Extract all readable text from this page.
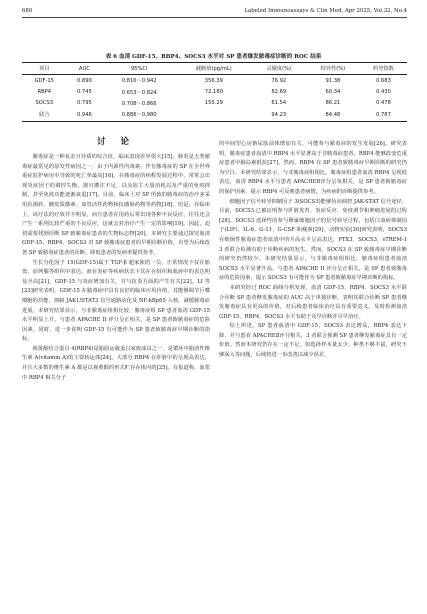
680	Labeled Immunoassays & Clin Med, Apr 2025, Vol.32, No.4
表 6 血清 GDF-15、RBP4、SOCS3 水平对 SP 患者继发脓毒症诊断的 ROC 结果
项目	AUC	95%CI	截断值(pg/mL)	灵敏度(%)	特异性(%)	约登指数
GDF-15	0.890	0.816～0.942	356.39	76.92	91.38	0.683
RBP4	0.745	0.653～0.824	72.180	82.69	60.34	0.430
SOCS3	0.795	0.708～0.866	155.29	61.54	86.21	0.478
联合	0.946	0.886～0.980		94.23	84.48	0.787
讨 论

脓毒症是一种复杂且异质的综合征，临床表现差异很大[15]。肺炎是大类脓毒症最常见的原发性病因之一，由于内源性内毒素，伴有脓毒症的 SP 在全世界重症监护病房中导致的死亡率最高[16]。在脓毒症的病程发展过程中，常常会出现炎症因子的调控失衡，器官灌注不足，以及宿主大量消耗以及严重的免疫抑制，甚至免疫功能逐渐衰退[17]。目前，临床上对 SP 所致的脓毒症的治疗多采用抗菌药、糖皮质激素、血管活性药物和抗感染药物等药物[18]。但是，在临床上，该疗法的疗效并不明显，而且患者在用药后常出现各种不良反应，往往还会产生一系列比较严重的不良反应，这就会对治疗产生一定的影响[19]。因此，迫切需要找到诊断 SP 致脓毒症患者的生物标志物[20]。本研究主要通过探究血清 GDF-15、RBP4、SOCS3 对 SP 致脓毒症患者的早期诊断价值，有望为后续改善 SP 致脓毒症患者的诊断、降低患者的发病率提供参考。

生长分化因子 15(GDF-15)属于 TGF-β 超家族的一员，正常情况下仅在胎盘、前列腺等组织中表达，而在炎症等疾病状态下其在在组织和血液中的表达明显升高[21]。GDF-15 与炎症增加有关，并与抗炎方面的产生有关[22]。LI 等[23]研究表明，GDF-15 在脓毒症中具有良好的临床应用价值，其能够调节巨噬细胞的功能，抑制 JAK1/STAT3 信号通路活化及 NF-kBp65 入核，减缓脓毒症进展。本研究结果显示，与非脓毒症组相比较，脓毒症组 SP 患者血清 GDF-15 水平明显上升，与患者 APACHE II 评分呈正相关，是 SP 患者致脓毒症的危险因素。同时，进一步说明 GDF-15 有可能作为 SP 患者致脓毒症早期诊断的指标。

视黄醇结合蛋白 4(RBP4)是脂肪运载蛋白家族成员之一，是循环中脂溶性维生素 A(vitamin A)的主要转运体[24]。大部分 RBP4 在肝脏中的呈现高表达，并且大多数的维生素 A 都是以视黄醇的形式贮存在体内的[25]。有报道称，血浆中 RBP4 相关分子

的中间型心房钠尿肽前体增加有关，可能参与脓毒症的发生发展[26]。研究表明，脓毒症患者血清中 RBP4 水平显著高于非脓毒症患者，RBP4 能够改变危重症患者中脑岛素抵抗[27]。然而，RBP4 在 SP 患者致脓毒症早期诊断的研究仍为空白。本研究结果显示，与非脓毒症组相比，脓毒症组患者血清 RBP4 呈现低表达，血清 RBP4 水平与患者 APACHEⅡ评分呈负相关，是 SP 患者致脓毒症的保护因素，提示 RBP4 可反映患者病情，为疾病的诊断提供参考。

细胞因子信号转导抑制因子 3(SOCS3)能够负向调控 JAK-STAT 信号途径，目前，SOCS3 已被证明参与肝脏发育、炎症反应、免疫调节和肿瘤进展的过程[28]。SOCS3 选择性的参与卵巢细胞因子的信号转导过程，包括白血病抑制因子(LIF)、IL-6、G-11、G-CSF 和瘦素[29]。动物实验[30]研究表明，SOCS3 在细菌性脓毒症患者血清中的升高水平呈高表达，PTX3、SOCS3、sTREM-1 3 者联合检测有助于诊断疾病的发生。然而，SOCS3 在 SP 致脓毒症早期诊断的研究仍然较少。本研究结果显示，与非脓毒症组相比，脓毒症组患者血清 SOCS3 水平显著升高，与患者 APACHE II 评分呈正相关，是 SP 患者致脓毒症的危险因素，提示 SOCS3 有可能作为 SP 患者致脓毒症早期诊断的指标。

本研究经过 ROC 曲线分析发现，血清 GDF-15、RBP4、SOCS3 水平联合诊断 SP 患者继发脓毒症的 AUC 高于单独诊断，表明其联合诊断 SP 患者继发脓毒症具有更高的价值，对后续患者临床治疗具有重要意义。及时检测血清 GDF-15、RBP4、SOCS3 水平有助于及早诊断并尽早治疗。

综上所述，SP 患者血清中 GDF-15、SOCS3 表达增高，RBP4 表达下降，并与患者 APACHEⅡ评分相关，3 者联合预测 SP 患者继发脓毒症具有一定价值。然而本研究仍存在一定不足，如选择样本量太少，种类不够丰富，研究不够深入等问题，后续将进一步改善以减少误差。
